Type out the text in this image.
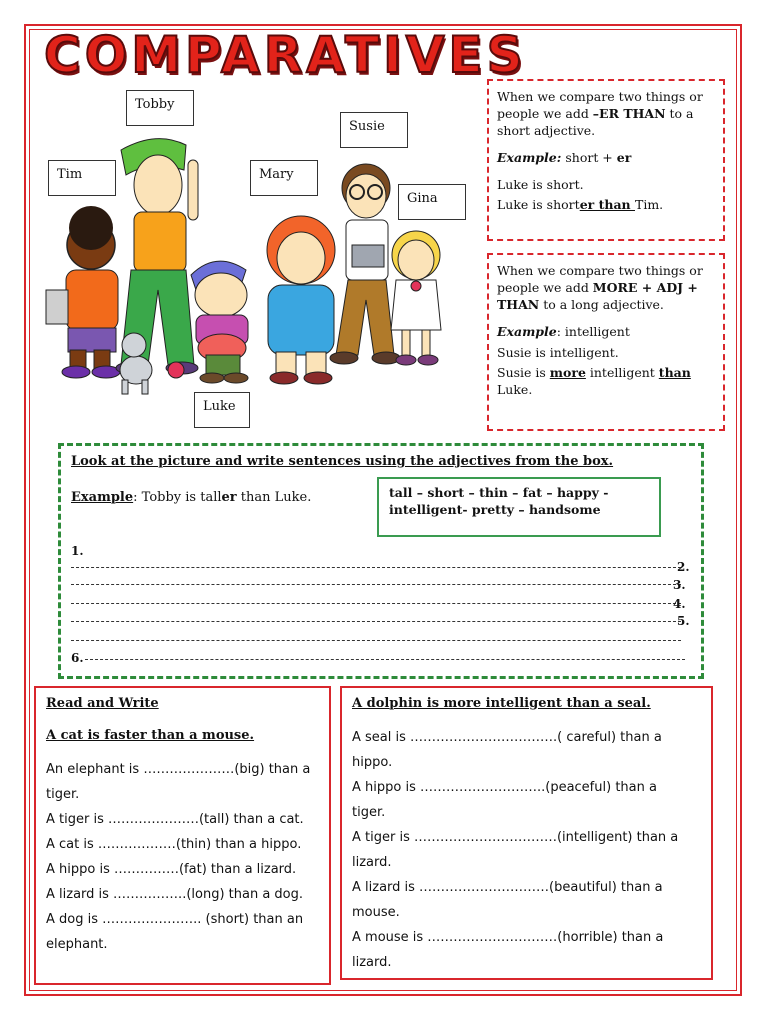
COMPARATIVES
Tobby
Susie
Tim	Mary
Gina
Luke

When we compare two things or people we add –ER THAN to a short adjective.

Example: short + er

Luke is short.

Luke is shorter than Tim.

When we compare two things or people we add MORE + ADJ + THAN to a long adjective.

Example: intelligent

Susie is intelligent.

Susie is more intelligent than
Luke.

Look at the picture and write sentences using the adjectives from the box.
Example: Tobby is taller than Luke.	tall – short – thin – fat – happy - intelligent- pretty – handsome
1.
2.
3.
4.
5.
6.
Read and Write
A cat is faster than a mouse.
An elephant is …………………(big) than a
tiger.
A tiger is …………………(tall) than a cat.
A cat is ………………(thin) than a hippo.
A hippo is ……………(fat) than a lizard.
A lizard is ……………..(long) than a dog.
A dog is ………………….. (short) than an
elephant.
A dolphin is more intelligent than a seal.
A seal is …………………………….( careful) than a
hippo.
A hippo is ………………………..(peaceful) than a
tiger.
A tiger is ……………………………(intelligent) than a
lizard.
A lizard is …………………………(beautiful) than a
mouse.
A mouse is …………………………(horrible) than a
lizard.
